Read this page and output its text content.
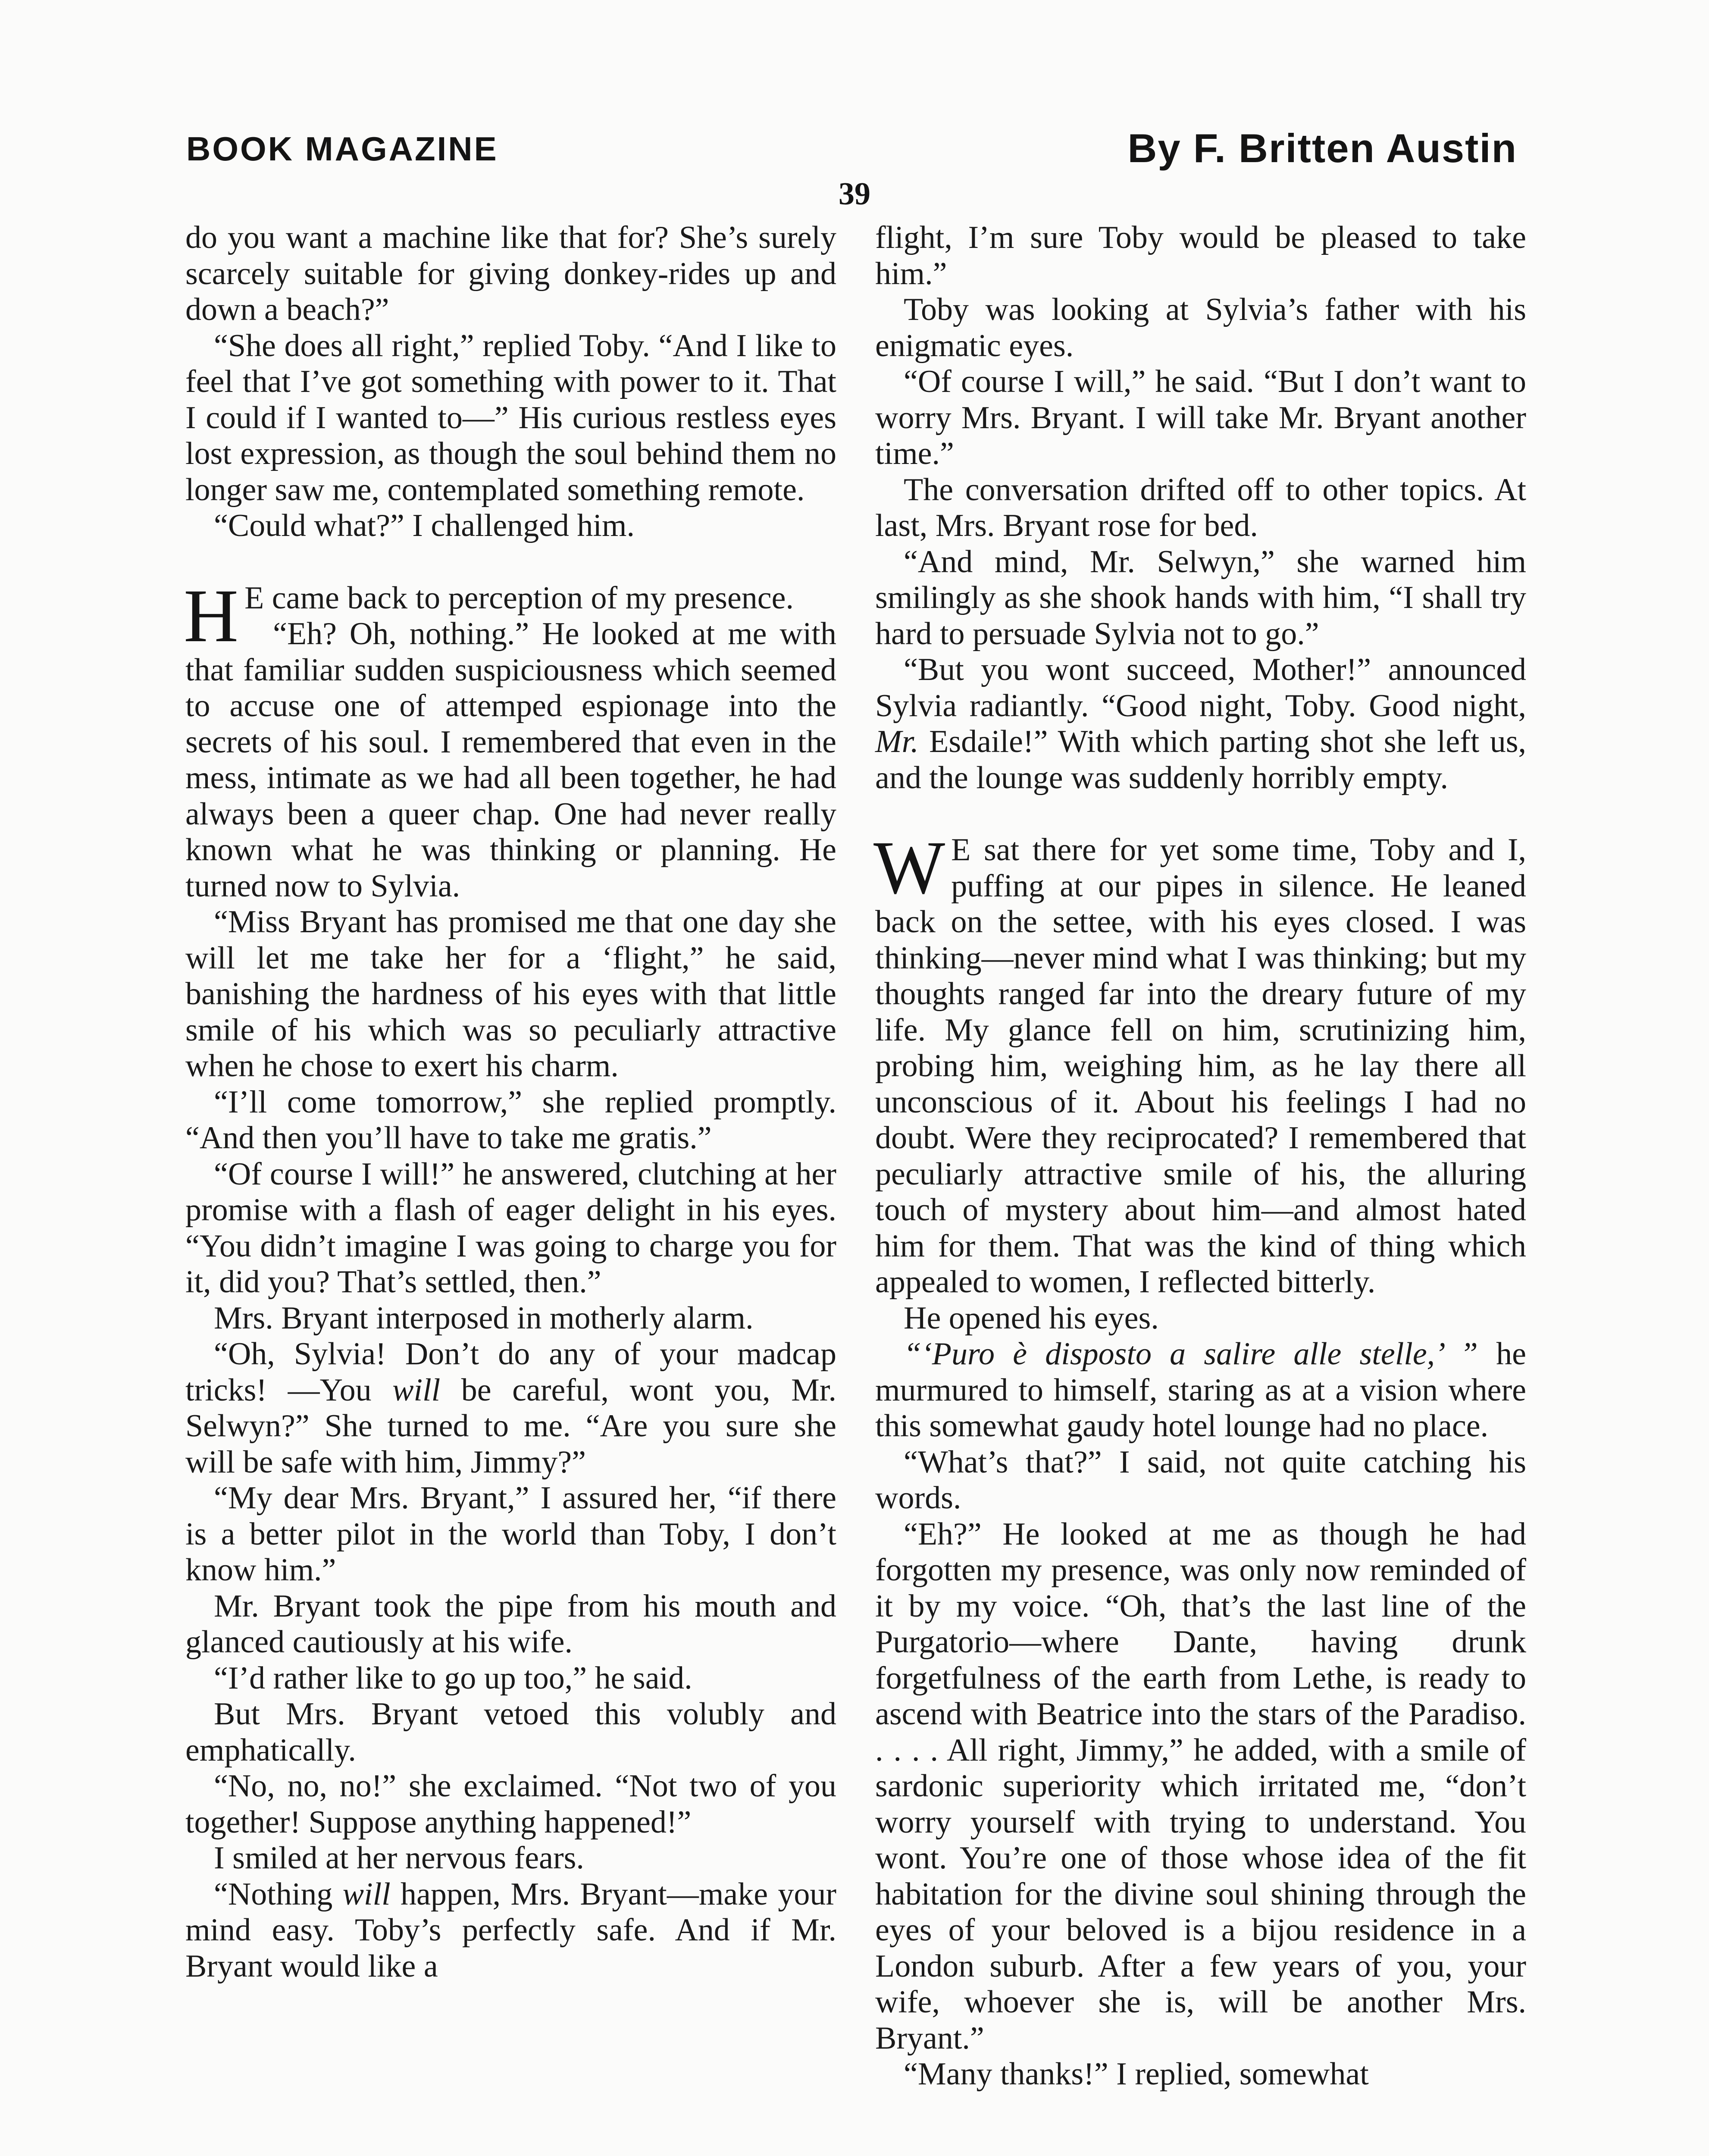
BOOK MAGAZINE	By F. Britten Austin
39

do you want a machine like that for? She’s surely scarcely suitable for giving donkey-rides up and down a beach?”

“She does all right,” replied Toby. “And I like to feel that I’ve got something with power to it. That I could if I wanted to—” His curious restless eyes lost expression, as though the soul behind them no longer saw me, contemplated something remote.

“Could what?” I challenged him.

H E came back to perception of my presence.

“Eh? Oh, nothing.” He looked at me with that familiar sudden suspiciousness which seemed to accuse one of attemped espionage into the secrets of his soul. I remembered that even in the mess, intimate as we had all been together, he had always been a queer chap. One had never really known what he was thinking or planning. He turned now to Sylvia.

“Miss Bryant has promised me that one day she will let me take her for a ‘flight,” he said, banishing the hardness of his eyes with that little smile of his which was so peculiarly attractive when he chose to exert his charm.

“I’ll come tomorrow,” she replied promptly. “And then you’ll have to take me gratis.”

“Of course I will!” he answered, clutching at her promise with a flash of eager delight in his eyes. “You didn’t imagine I was going to charge you for it, did you? That’s settled, then.”

Mrs. Bryant interposed in motherly alarm.

“Oh, Sylvia! Don’t do any of your madcap tricks! —You will be careful, wont you, Mr. Selwyn?” She turned to me. “Are you sure she will be safe with him, Jimmy?”

“My dear Mrs. Bryant,” I assured her, “if there is a better pilot in the world than Toby, I don’t know him.”

Mr. Bryant took the pipe from his mouth and glanced cautiously at his wife.

“I’d rather like to go up too,” he said.

But Mrs. Bryant vetoed this volubly and emphatically.

“No, no, no!” she exclaimed. “Not two of you together! Suppose anything happened!”

I smiled at her nervous fears.

“Nothing will happen, Mrs. Bryant—make your mind easy. Toby’s perfectly safe. And if Mr. Bryant would like a

flight, I’m sure Toby would be pleased to take him.”

Toby was looking at Sylvia’s father with his enigmatic eyes.

“Of course I will,” he said. “But I don’t want to worry Mrs. Bryant. I will take Mr. Bryant another time.”

The conversation drifted off to other topics. At last, Mrs. Bryant rose for bed.

“And mind, Mr. Selwyn,” she warned him smilingly as she shook hands with him, “I shall try hard to persuade Sylvia not to go.”

“But you wont succeed, Mother!” announced Sylvia radiantly. “Good night, Toby. Good night, Mr. Esdaile!” With which parting shot she left us, and the lounge was suddenly horribly empty.

W E sat there for yet some time, Toby and I, puffing at our pipes in silence. He leaned back on the settee, with his eyes closed. I was thinking—never mind what I was thinking; but my thoughts ranged far into the dreary future of my life. My glance fell on him, scrutinizing him, probing him, weighing him, as he lay there all unconscious of it. About his feelings I had no doubt. Were they reciprocated? I remembered that peculiarly attractive smile of his, the alluring touch of mystery about him—and almost hated him for them. That was the kind of thing which appealed to women, I reflected bitterly.

He opened his eyes.

“‘Puro è disposto a salire alle stelle,’ ” he murmured to himself, staring as at a vision where this somewhat gaudy hotel lounge had no place.

“What’s that?” I said, not quite catching his words.

“Eh?” He looked at me as though he had forgotten my presence, was only now reminded of it by my voice. “Oh, that’s the last line of the Purgatorio—where Dante, having drunk forgetfulness of the earth from Lethe, is ready to ascend with Beatrice into the stars of the Paradiso. . . . . All right, Jimmy,” he added, with a smile of sardonic superiority which irritated me, “don’t worry yourself with trying to understand. You wont. You’re one of those whose idea of the fit habitation for the divine soul shining through the eyes of your beloved is a bijou residence in a London suburb. After a few years of you, your wife, whoever she is, will be another Mrs. Bryant.”

“Many thanks!” I replied, somewhat
